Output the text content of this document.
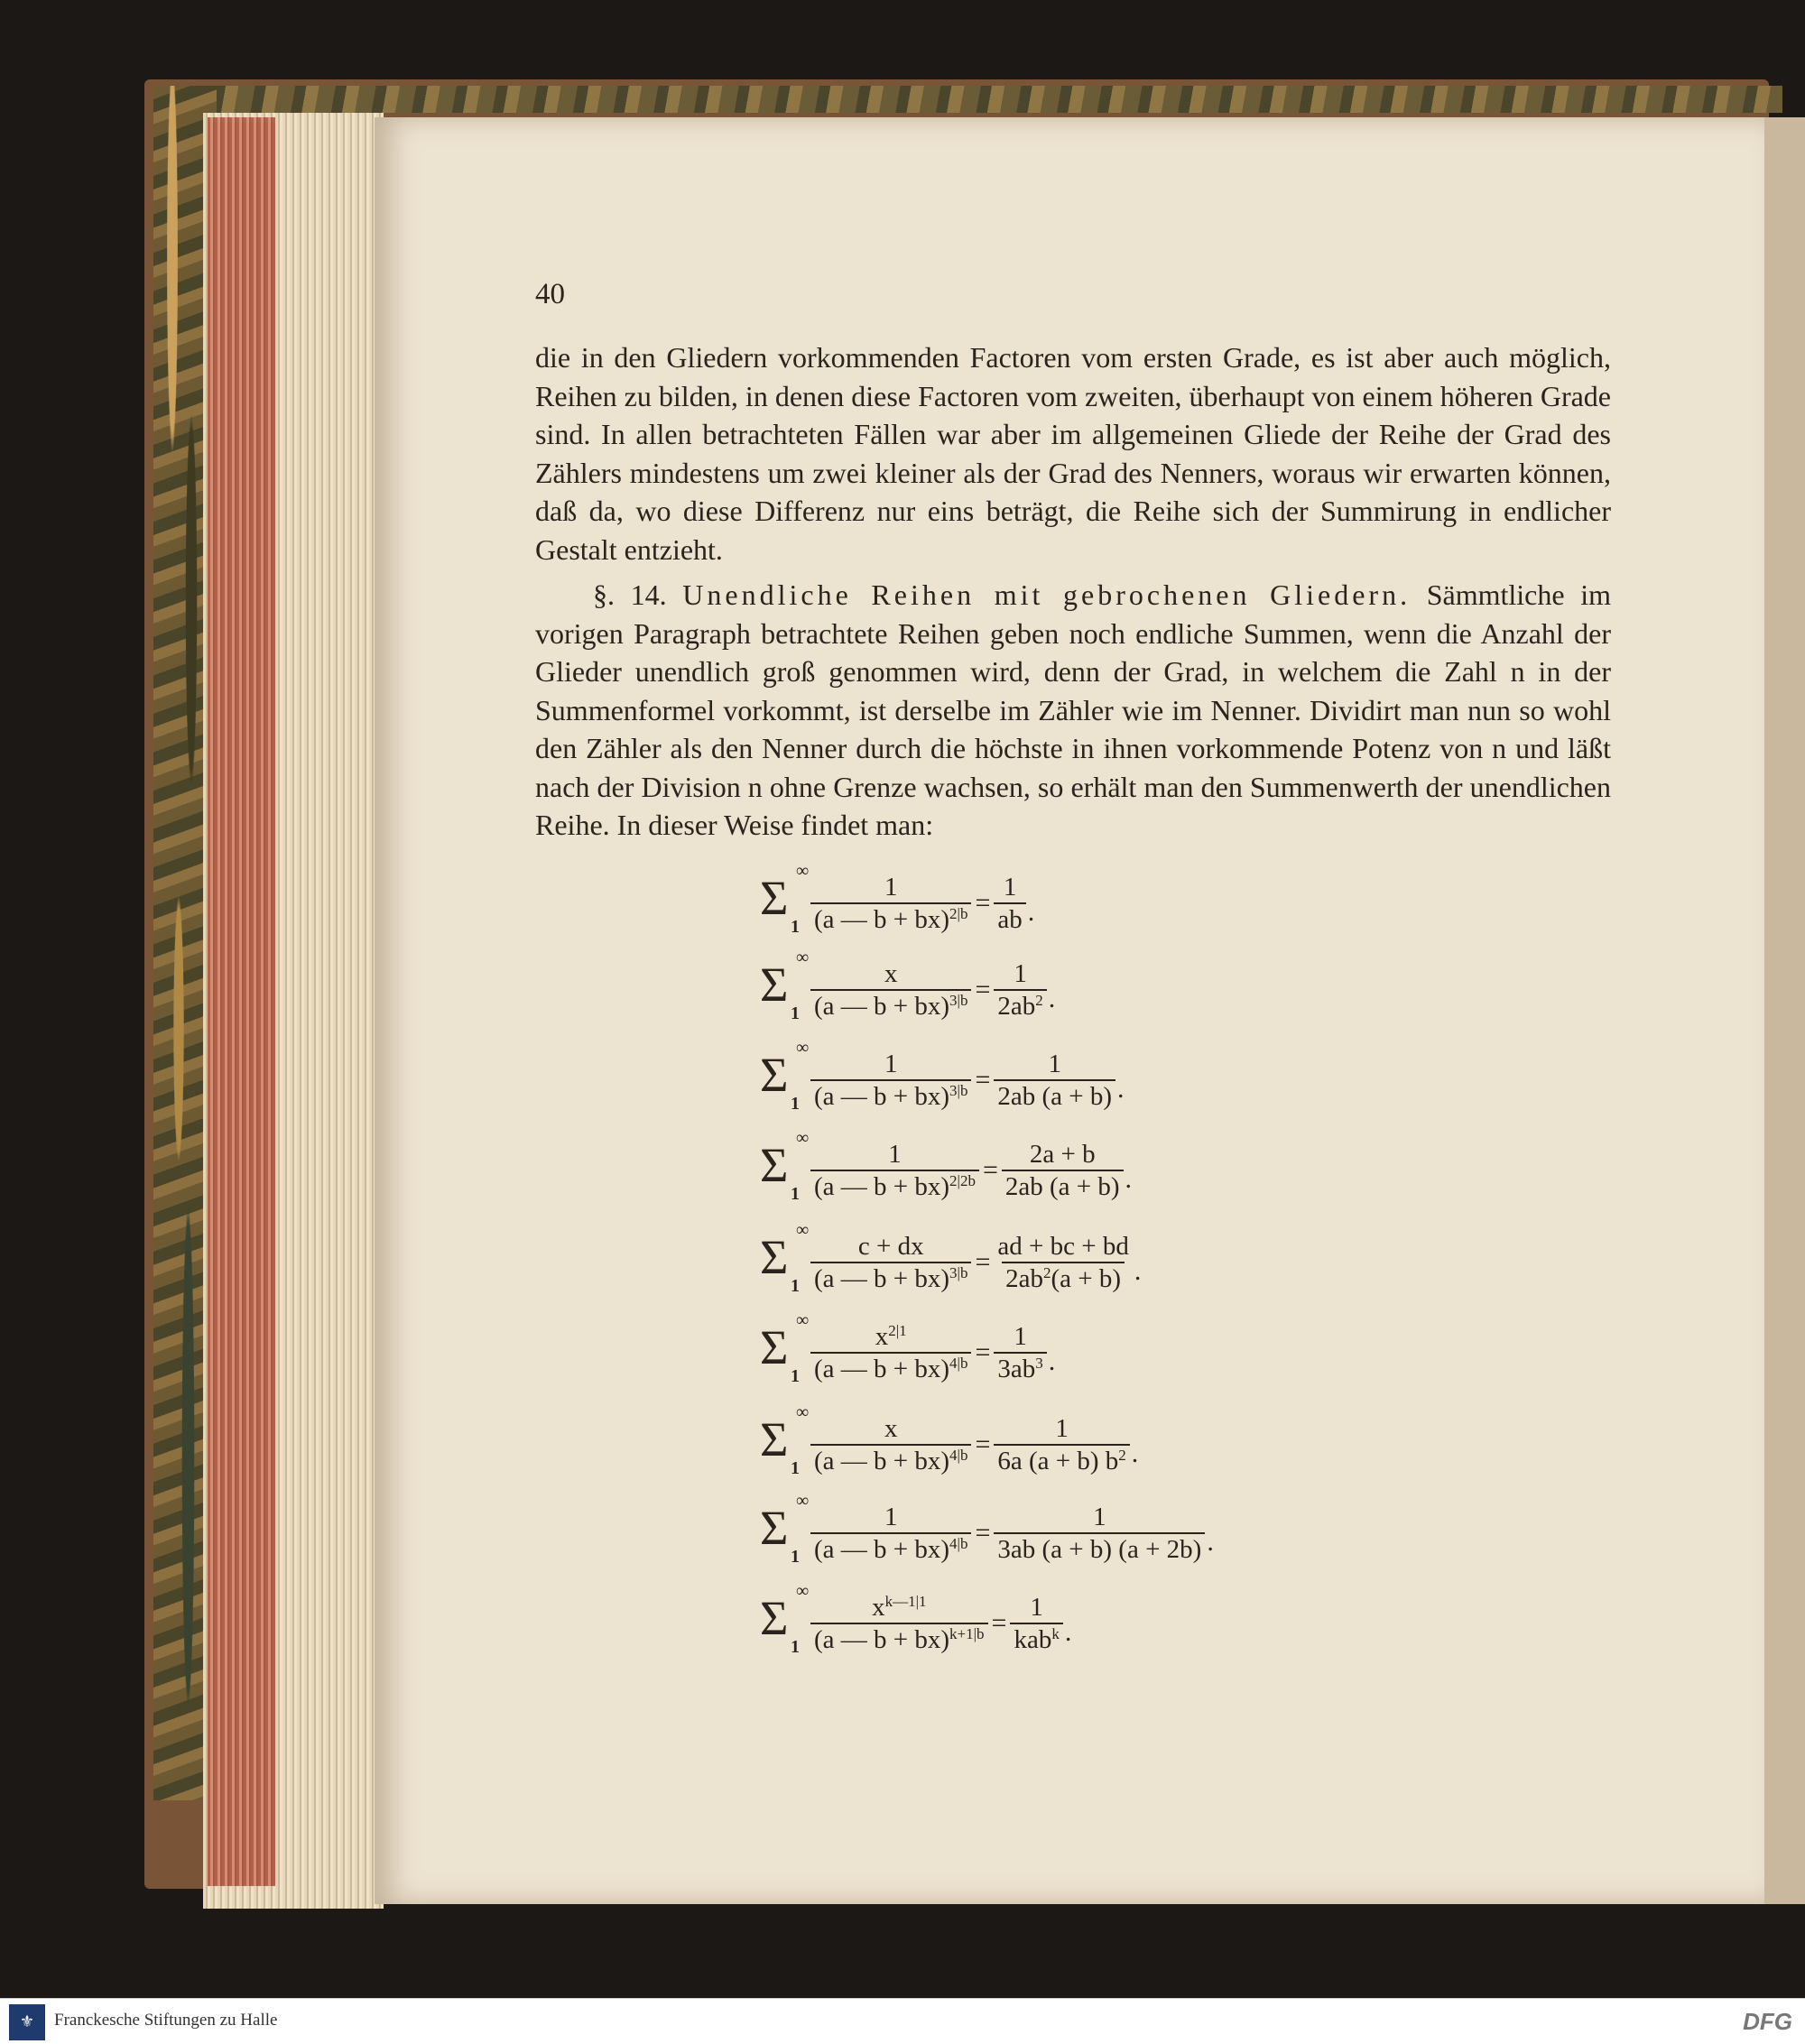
40

die in den Gliedern vorkommenden Factoren vom ersten Grade, es ist aber auch möglich, Reihen zu bilden, in denen diese Factoren vom zweiten, überhaupt von einem höheren Grade sind. In allen betrachteten Fällen war aber im allgemeinen Gliede der Reihe der Grad des Zählers mindestens um zwei kleiner als der Grad des Nenners, woraus wir erwarten können, daß da, wo diese Differenz nur eins beträgt, die Reihe sich der Summirung in endlicher Gestalt entzieht.

§. 14. Unendliche Reihen mit gebrochenen Gliedern. Sämmtliche im vorigen Paragraph betrachtete Reihen geben noch endliche Summen, wenn die Anzahl der Glieder unendlich groß genommen wird, denn der Grad, in welchem die Zahl n in der Summenformel vorkommt, ist derselbe im Zähler wie im Nenner. Dividirt man nun so wohl den Zähler als den Nenner durch die höchste in ihnen vorkommende Potenz von n und läßt nach der Division n ohne Grenze wachsen, so erhält man den Summenwerth der unendlichen Reihe. In dieser Weise findet man:

Σ ∞
$1 \frac{1}{(a — b + bx)^{2|b}} = \frac{1}{ab}$ .
Σ ∞
$1 \frac{x}{(a — b + bx)^{3|b}} = \frac{1}{2ab^2}$ .
Σ ∞
$1 \frac{1}{(a — b + bx)^{3|b}} = \frac{1}{2ab (a + b)}$ .
Σ ∞
$1 \frac{1}{(a — b + bx)^{2|2b}} = \frac{2a + b}{2ab (a + b)}$ .
Σ ∞
$1 \frac{c + dx}{(a — b + bx)^{3|b}} = \frac{ad + bc + bd}{2ab^2(a + b)}$ .
Σ ∞
$1 \frac{x^{2|1}}{(a — b + bx)^{4|b}} = \frac{1}{3ab^3}$ .
Σ ∞
$1 \frac{x}{(a — b + bx)^{4|b}} = \frac{1}{6a (a + b) b^2}$ .
Σ ∞
$1 \frac{1}{(a — b + bx)^{4|b}} = \frac{1}{3ab (a + b) (a + 2b)}$ .
Σ ∞
$1 \frac{x^{k—1|1}}{(a — b + bx)^{k+1|b}} = \frac{1}{kab^k}$ .
⚜	Franckesche Stiftungen zu Halle	DFG
